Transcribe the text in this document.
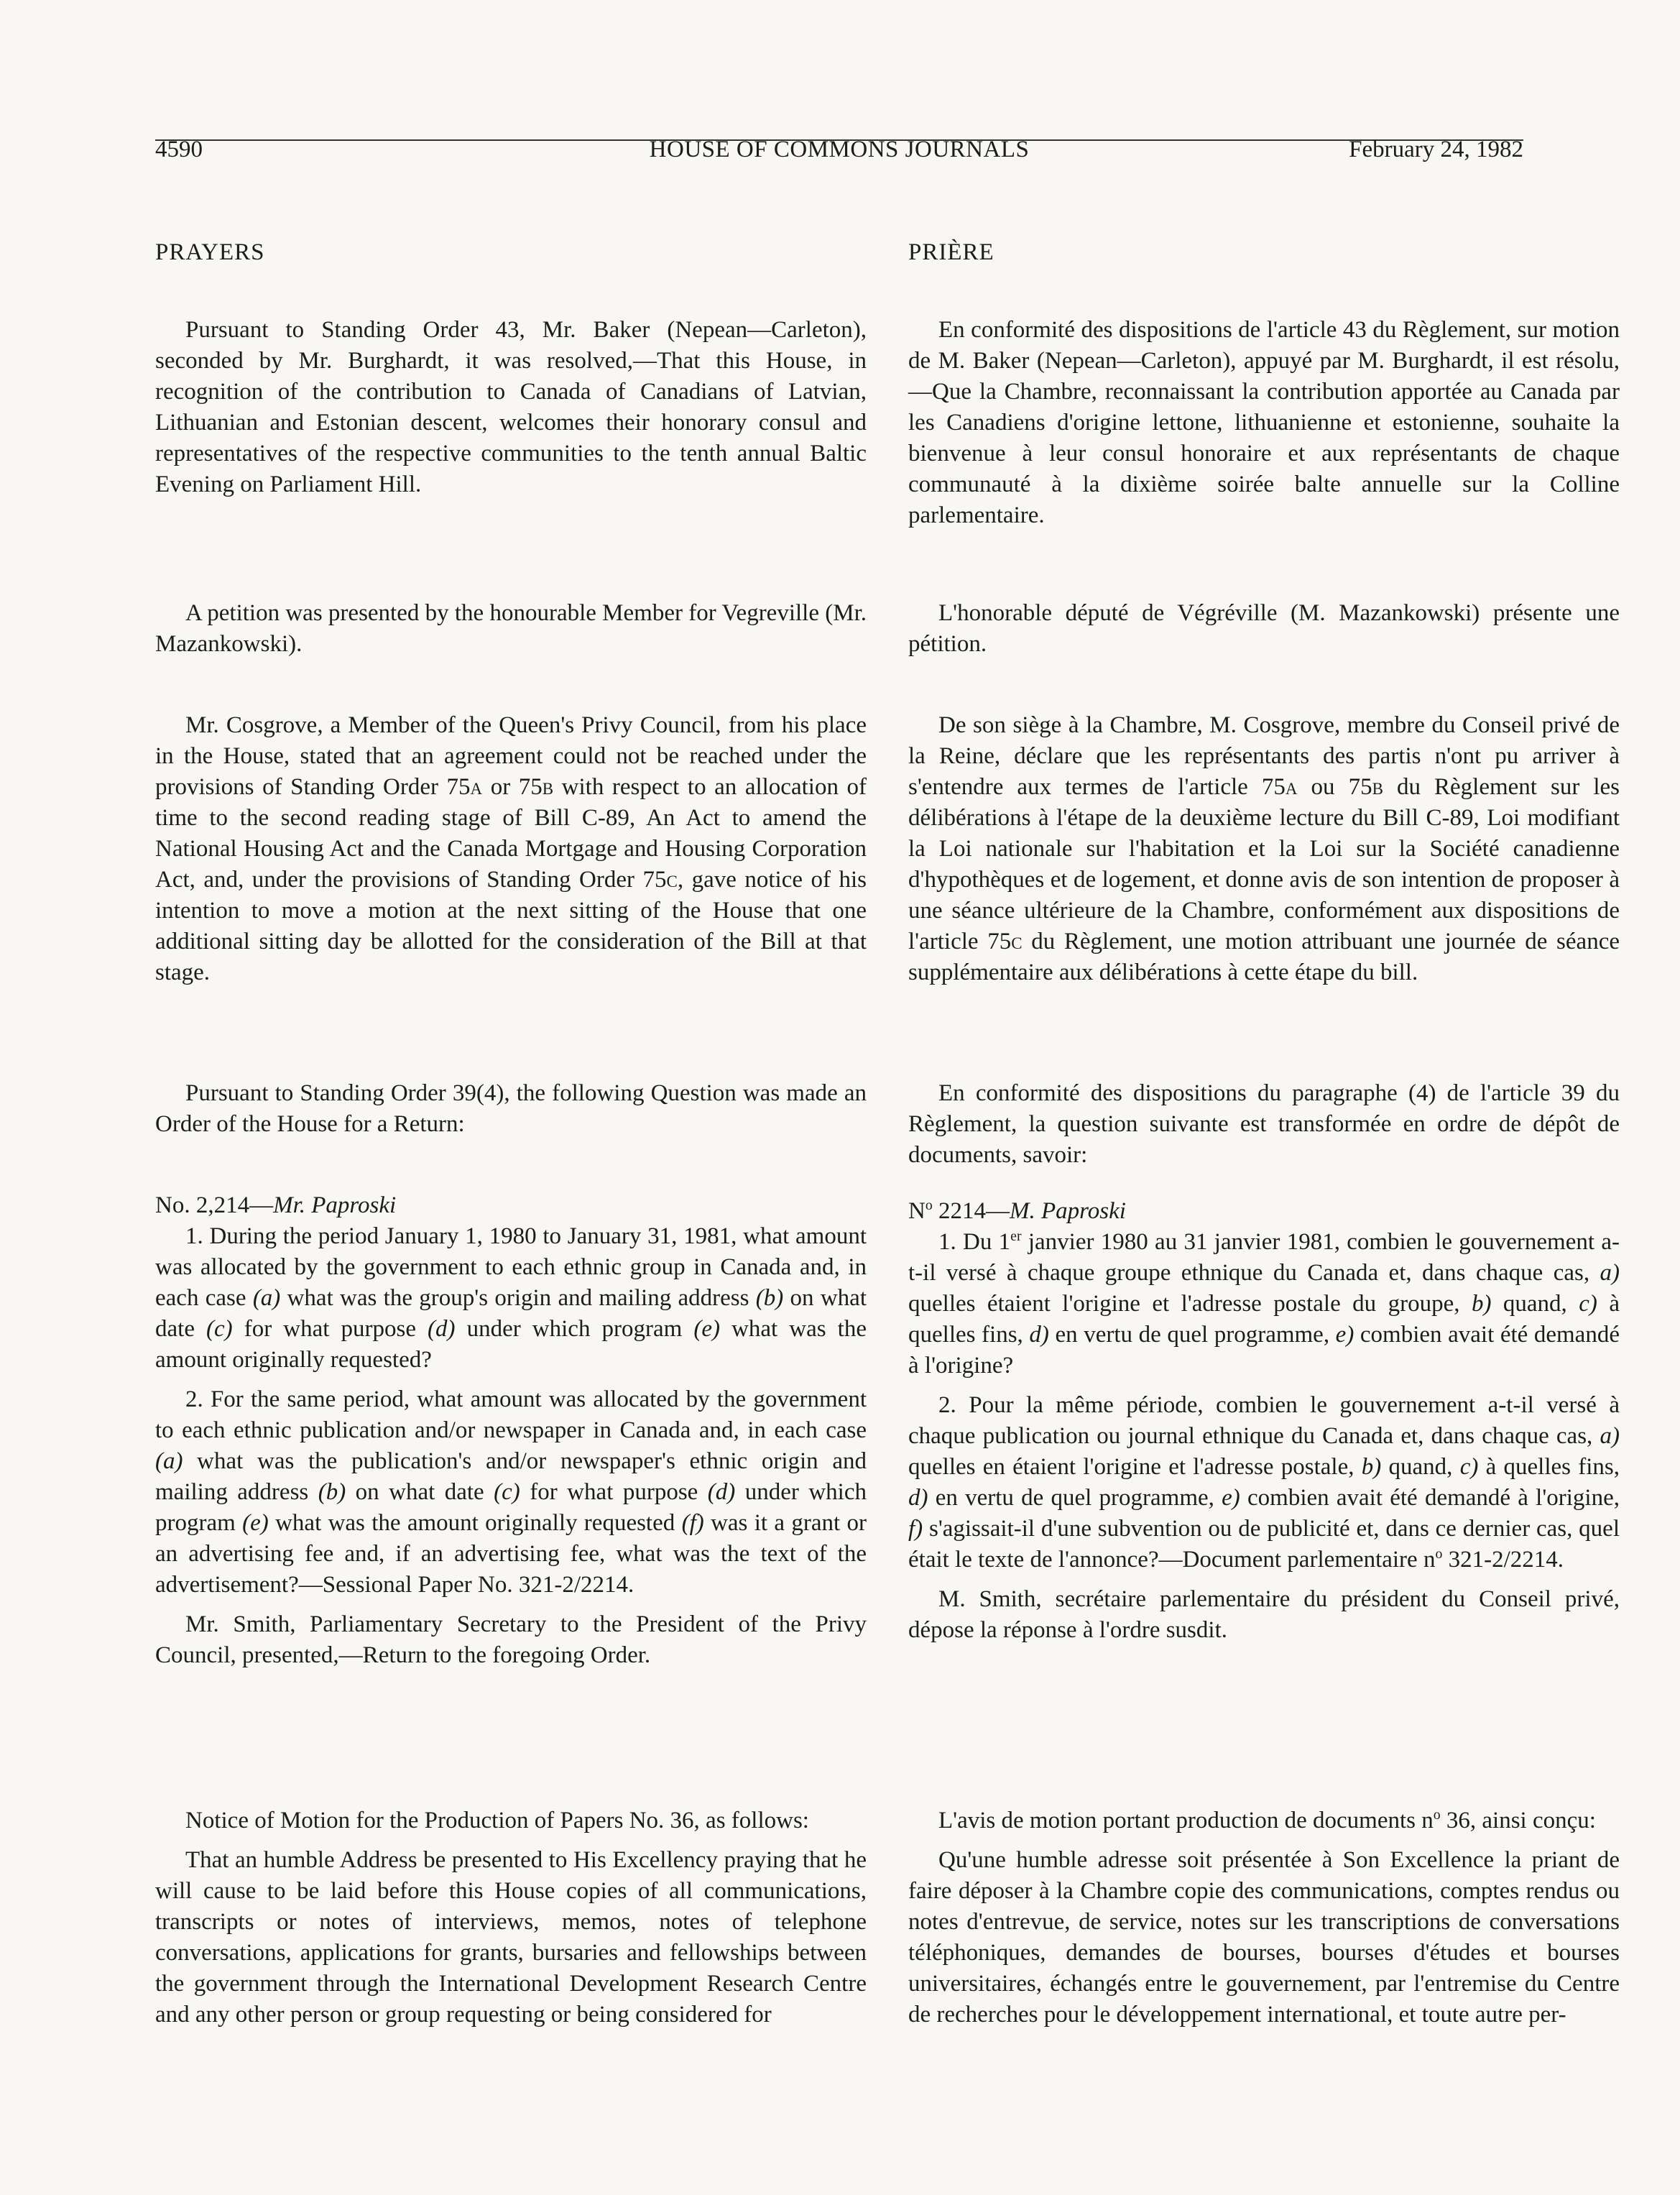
4590	HOUSE OF COMMONS JOURNALS	February 24, 1982

PRAYERS

Pursuant to Standing Order 43, Mr. Baker (Nepean—Carleton), seconded by Mr. Burghardt, it was resolved,—That this House, in recognition of the contribution to Canada of Canadians of Latvian, Lithuanian and Estonian descent, welcomes their honorary consul and representatives of the respective communities to the tenth annual Baltic Evening on Parliament Hill.

A petition was presented by the honourable Member for Vegreville (Mr. Mazankowski).

Mr. Cosgrove, a Member of the Queen's Privy Council, from his place in the House, stated that an agreement could not be reached under the provisions of Standing Order 75a or 75b with respect to an allocation of time to the second reading stage of Bill C-89, An Act to amend the National Housing Act and the Canada Mortgage and Housing Corporation Act, and, under the provisions of Standing Order 75c, gave notice of his intention to move a motion at the next sitting of the House that one additional sitting day be allotted for the consideration of the Bill at that stage.

Pursuant to Standing Order 39(4), the following Question was made an Order of the House for a Return:

No. 2,214—Mr. Paproski

1. During the period January 1, 1980 to January 31, 1981, what amount was allocated by the government to each ethnic group in Canada and, in each case (a) what was the group's origin and mailing address (b) on what date (c) for what purpose (d) under which program (e) what was the amount originally requested?

2. For the same period, what amount was allocated by the government to each ethnic publication and/or newspaper in Canada and, in each case (a) what was the publication's and/or newspaper's ethnic origin and mailing address (b) on what date (c) for what purpose (d) under which program (e) what was the amount originally requested (f) was it a grant or an advertising fee and, if an advertising fee, what was the text of the advertisement?—Sessional Paper No. 321-2/2214.

Mr. Smith, Parliamentary Secretary to the President of the Privy Council, presented,—Return to the foregoing Order.

Notice of Motion for the Production of Papers No. 36, as follows:

That an humble Address be presented to His Excellency praying that he will cause to be laid before this House copies of all communications, transcripts or notes of interviews, memos, notes of telephone conversations, applications for grants, bursaries and fellowships between the government through the International Development Research Centre and any other person or group requesting or being considered for

PRIÈRE

En conformité des dispositions de l'article 43 du Règlement, sur motion de M. Baker (Nepean—Carleton), appuyé par M. Burghardt, il est résolu,—Que la Chambre, reconnaissant la contribution apportée au Canada par les Canadiens d'origine lettone, lithuanienne et estonienne, souhaite la bienvenue à leur consul honoraire et aux représentants de chaque communauté à la dixième soirée balte annuelle sur la Colline parlementaire.

L'honorable député de Végréville (M. Mazankowski) présente une pétition.

De son siège à la Chambre, M. Cosgrove, membre du Conseil privé de la Reine, déclare que les représentants des partis n'ont pu arriver à s'entendre aux termes de l'article 75a ou 75b du Règlement sur les délibérations à l'étape de la deuxième lecture du Bill C-89, Loi modifiant la Loi nationale sur l'habitation et la Loi sur la Société canadienne d'hypothèques et de logement, et donne avis de son intention de proposer à une séance ultérieure de la Chambre, conformément aux dispositions de l'article 75c du Règlement, une motion attribuant une journée de séance supplémentaire aux délibérations à cette étape du bill.

En conformité des dispositions du paragraphe (4) de l'article 39 du Règlement, la question suivante est transformée en ordre de dépôt de documents, savoir:

$N^o$ 2214—M. Paproski

1. Du 1er janvier 1980 au 31 janvier 1981, combien le gouvernement a-t-il versé à chaque groupe ethnique du Canada et, dans chaque cas, a) quelles étaient l'origine et l'adresse postale du groupe, b) quand, c) à quelles fins, d) en vertu de quel programme, e) combien avait été demandé à l'origine?

2. Pour la même période, combien le gouvernement a-t-il versé à chaque publication ou journal ethnique du Canada et, dans chaque cas, a) quelles en étaient l'origine et l'adresse postale, b) quand, c) à quelles fins, d) en vertu de quel programme, e) combien avait été demandé à l'origine, f) s'agissait-il d'une subvention ou de publicité et, dans ce dernier cas, quel était le texte de l'annonce?—Document parlementaire $n^o$ 321-2/2214.

M. Smith, secrétaire parlementaire du président du Conseil privé, dépose la réponse à l'ordre susdit.

L'avis de motion portant production de documents $n^o$ 36, ainsi conçu:

Qu'une humble adresse soit présentée à Son Excellence la priant de faire déposer à la Chambre copie des communications, comptes rendus ou notes d'entrevue, de service, notes sur les transcriptions de conversations téléphoniques, demandes de bourses, bourses d'études et bourses universitaires, échangés entre le gouvernement, par l'entremise du Centre de recherches pour le développement international, et toute autre per-
